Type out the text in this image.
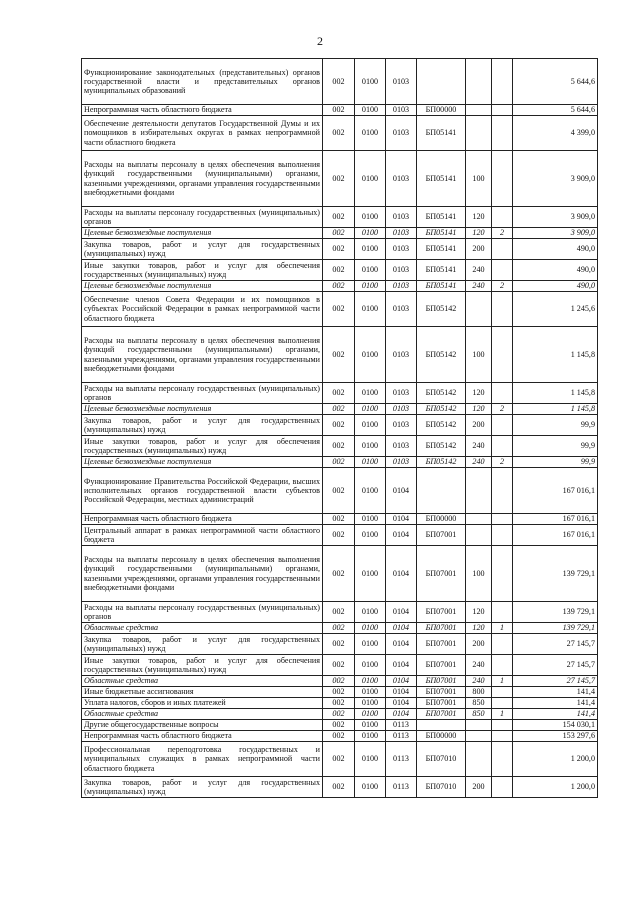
2
Функционирование законодательных (представительных) органов государственной власти и представительных органов муниципальных образований	002	0100	0103				5 644,6
Непрограммная часть областного бюджета	002	0100	0103	БП00000			5 644,6
Обеспечение деятельности депутатов Государственной Думы и их помощников в избирательных округах в рамках непрограммной части областного бюджета	002	0100	0103	БП05141			4 399,0
Расходы на выплаты персоналу в целях обеспечения выполнения функций государственными (муниципальными) органами, казенными учреждениями, органами управления государственными внебюджетными фондами	002	0100	0103	БП05141	100		3 909,0
Расходы на выплаты персоналу государственных (муниципальных) органов	002	0100	0103	БП05141	120		3 909,0
Целевые безвозмездные поступления	002	0100	0103	БП05141	120	2	3 909,0
Закупка товаров, работ и услуг для государственных (муниципальных) нужд	002	0100	0103	БП05141	200		490,0
Иные закупки товаров, работ и услуг для обеспечения государственных (муниципальных) нужд	002	0100	0103	БП05141	240		490,0
Целевые безвозмездные поступления	002	0100	0103	БП05141	240	2	490,0
Обеспечение членов Совета Федерации и их помощников в субъектах Российской Федерации в рамках непрограммной части областного бюджета	002	0100	0103	БП05142			1 245,6
Расходы на выплаты персоналу в целях обеспечения выполнения функций государственными (муниципальными) органами, казенными учреждениями, органами управления государственными внебюджетными фондами	002	0100	0103	БП05142	100		1 145,8
Расходы на выплаты персоналу государственных (муниципальных) органов	002	0100	0103	БП05142	120		1 145,8
Целевые безвозмездные поступления	002	0100	0103	БП05142	120	2	1 145,8
Закупка товаров, работ и услуг для государственных (муниципальных) нужд	002	0100	0103	БП05142	200		99,9
Иные закупки товаров, работ и услуг для обеспечения государственных (муниципальных) нужд	002	0100	0103	БП05142	240		99,9
Целевые безвозмездные поступления	002	0100	0103	БП05142	240	2	99,9
Функционирование Правительства Российской Федерации, высших исполнительных органов государственной власти субъектов Российской Федерации, местных администраций	002	0100	0104				167 016,1
Непрограммная часть областного бюджета	002	0100	0104	БП00000			167 016,1
Центральный аппарат в рамках непрограммной части областного бюджета	002	0100	0104	БП07001			167 016,1
Расходы на выплаты персоналу в целях обеспечения выполнения функций государственными (муниципальными) органами, казенными учреждениями, органами управления государственными внебюджетными фондами	002	0100	0104	БП07001	100		139 729,1
Расходы на выплаты персоналу государственных (муниципальных) органов	002	0100	0104	БП07001	120		139 729,1
Областные средства	002	0100	0104	БП07001	120	1	139 729,1
Закупка товаров, работ и услуг для государственных (муниципальных) нужд	002	0100	0104	БП07001	200		27 145,7
Иные закупки товаров, работ и услуг для обеспечения государственных (муниципальных) нужд	002	0100	0104	БП07001	240		27 145,7
Областные средства	002	0100	0104	БП07001	240	1	27 145,7
Иные бюджетные ассигнования	002	0100	0104	БП07001	800		141,4
Уплата налогов, сборов и иных платежей	002	0100	0104	БП07001	850		141,4
Областные средства	002	0100	0104	БП07001	850	1	141,4
Другие общегосударственные вопросы	002	0100	0113				154 030,1
Непрограммная часть областного бюджета	002	0100	0113	БП00000			153 297,6
Профессиональная переподготовка государственных и муниципальных служащих в рамках непрограммной части областного бюджета	002	0100	0113	БП07010			1 200,0
Закупка товаров, работ и услуг для государственных (муниципальных) нужд	002	0100	0113	БП07010	200		1 200,0
